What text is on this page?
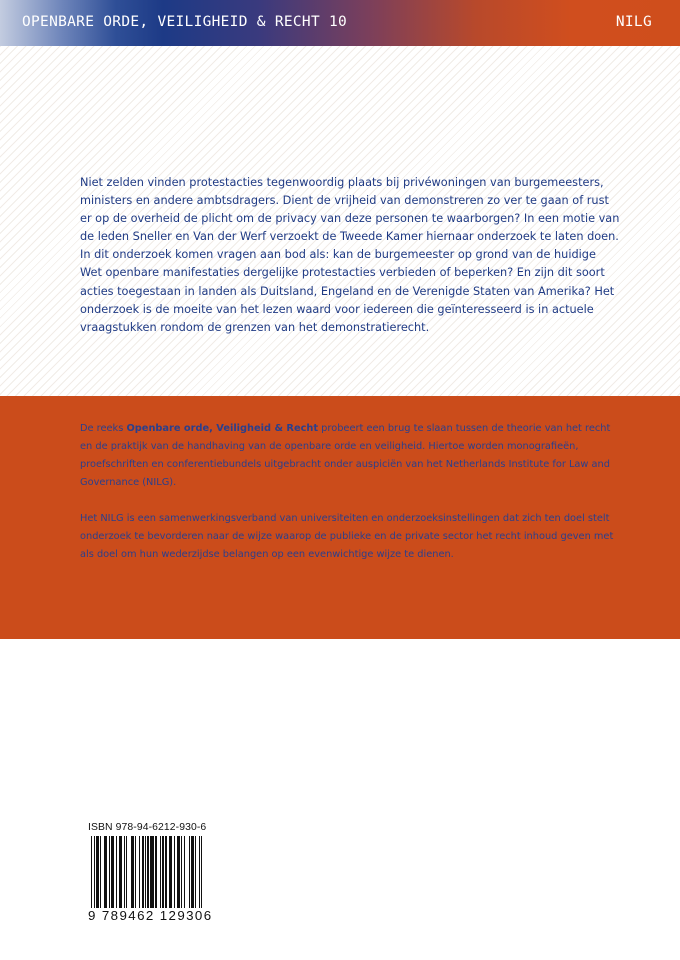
OPENBARE ORDE, VEILIGHEID & RECHT 10	NILG

Niet zelden vinden protestacties tegenwoordig plaats bij privéwoningen van burgemeesters, ministers en andere ambtsdragers. Dient de vrijheid van demonstreren zo ver te gaan of rust er op de overheid de plicht om de privacy van deze personen te waarborgen? In een motie van de leden Sneller en Van der Werf verzoekt de Tweede Kamer hiernaar onderzoek te laten doen. In dit onderzoek komen vragen aan bod als: kan de burgemeester op grond van de huidige Wet openbare manifestaties dergelijke protestacties verbieden of beperken? En zijn dit soort acties toegestaan in landen als Duitsland, Engeland en de Verenigde Staten van Amerika? Het onderzoek is de moeite van het lezen waard voor iedereen die geïnteresseerd is in actuele vraagstukken rondom de grenzen van het demonstratierecht.

De reeks Openbare orde, Veiligheid & Recht probeert een brug te slaan tussen de theorie van het recht en de praktijk van de handhaving van de openbare orde en veiligheid. Hiertoe worden monografieën, proefschriften en conferentiebundels uitgebracht onder auspiciën van het Netherlands Institute for Law and Governance (NILG).

Het NILG is een samenwerkingsverband van universiteiten en onderzoeksinstellingen dat zich ten doel stelt onderzoek te bevorderen naar de wijze waarop de publieke en de private sector het recht inhoud geven met als doel om hun wederzijdse belangen op een evenwichtige wijze te dienen.

ISBN 978-94-6212-930-6
9 789462 129306
